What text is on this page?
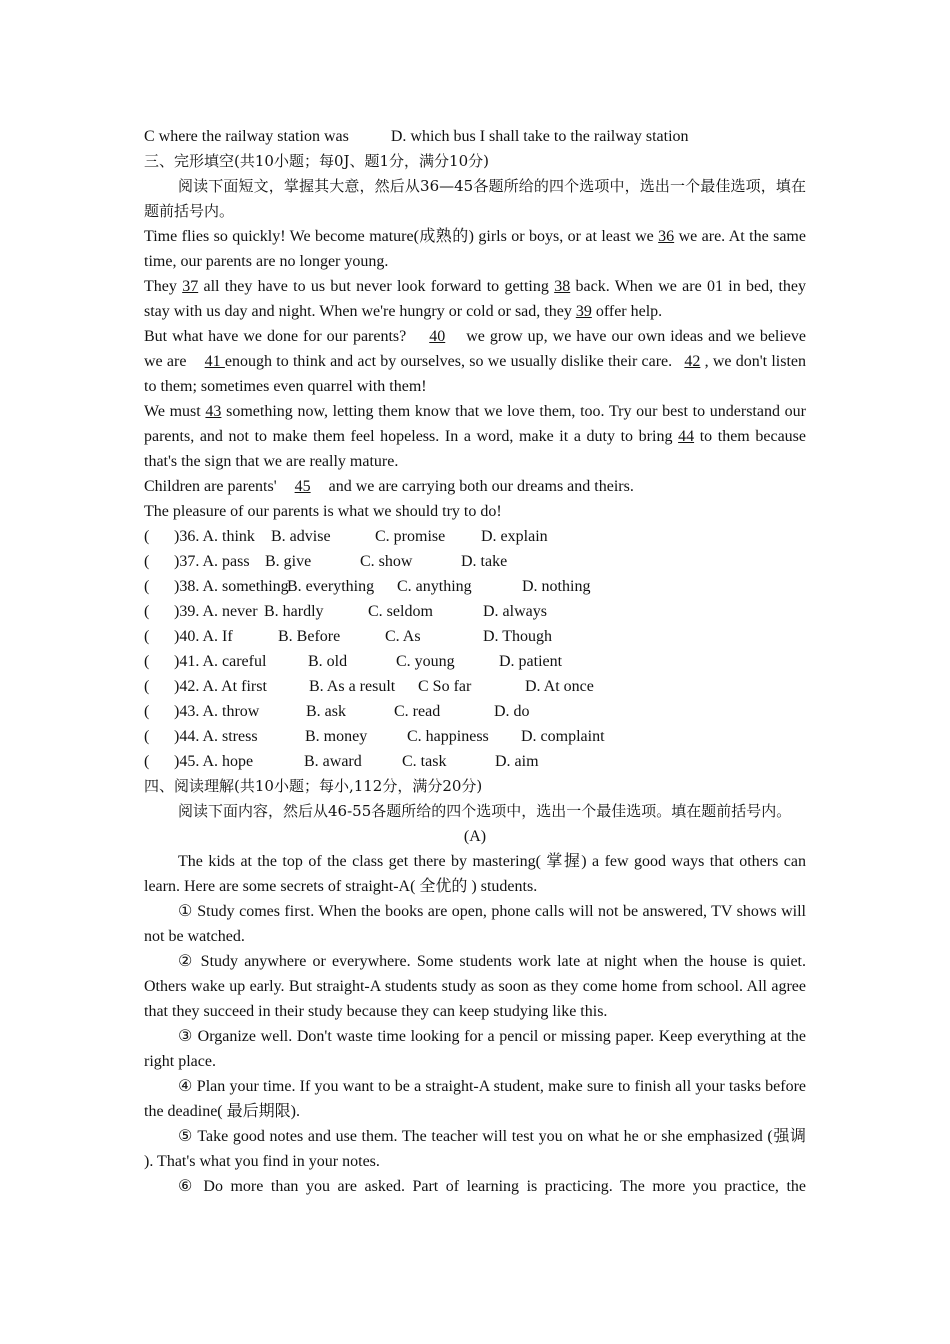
C where the railway station was	D. which bus I shall take to the railway station
三、完形填空(共10小题；每0J、题1分，满分10分)
阅读下面短文，掌握其大意，然后从36—45各题所给的四个选项中，选出一个最佳选项，填在题前括号内。
Time flies so quickly! We become mature(成熟的) girls or boys, or at least we 36 we are. At the same time, our parents are no longer young.
They 37 all they have to us but never look forward to getting 38 back. When we are 01 in bed, they stay with us day and night. When we're hungry or cold or sad, they 39 offer help.
But what have we done for our parents? 40 we grow up, we have our own ideas and we believe we are 41 enough to think and act by ourselves, so we usually dislike their care. 42 , we don't listen to them; sometimes even quarrel with them!
We must 43 something now, letting them know that we love them, too. Try our best to understand our parents, and not to make them feel hopeless. In a word, make it a duty to bring 44 to them because that's the sign that we are really mature.
Children are parents' 45 and we are carrying both our dreams and theirs.
The pleasure of our parents is what we should try to do!
(	)36. A. think	B. advise	C. promise	D. explain
(	)37. A. pass B. give	C. show	D. take
(	)38. A. something
B. everything	C. anything	D. nothing
(	)39. A. never B. hardly	C. seldom	D. always
(	)40. A. If	B. Before	C. As	D. Though
(	)41. A. careful	B. old	C. young	D. patient
(	)42. A. At first	B. As a result	C So far	D. At once
(	)43. A. throw	B. ask	C. read	D. do
(	)44. A. stress	B. money	C. happiness	D. complaint
(	)45. A. hope	B. award	C. task	D. aim
四、阅读理解(共10小题；每小,112分，满分20分)
阅读下面内容，然后从46-55各题所给的四个选项中，选出一个最佳选项。填在题前括号内。
(A)
The kids at the top of the class get there by mastering( 掌握) a few good ways that others can learn. Here are some secrets of straight-A( 全优的 ) students.
① Study comes first. When the books are open, phone calls will not be answered, TV shows will not be watched.
② Study anywhere or everywhere. Some students work late at night when the house is quiet. Others wake up early. But straight-A students study as soon as they come home from school. All agree that they succeed in their study because they can keep studying like this.
③ Organize well. Don't waste time looking for a pencil or missing paper. Keep everything at the right place.
④ Plan your time. If you want to be a straight-A student, make sure to finish all your tasks before the deadine( 最后期限).
⑤ Take good notes and use them. The teacher will test you on what he or she emphasized (强调 ). That's what you find in your notes.
⑥ Do more than you are asked. Part of learning is practicing. The more you practice, the
